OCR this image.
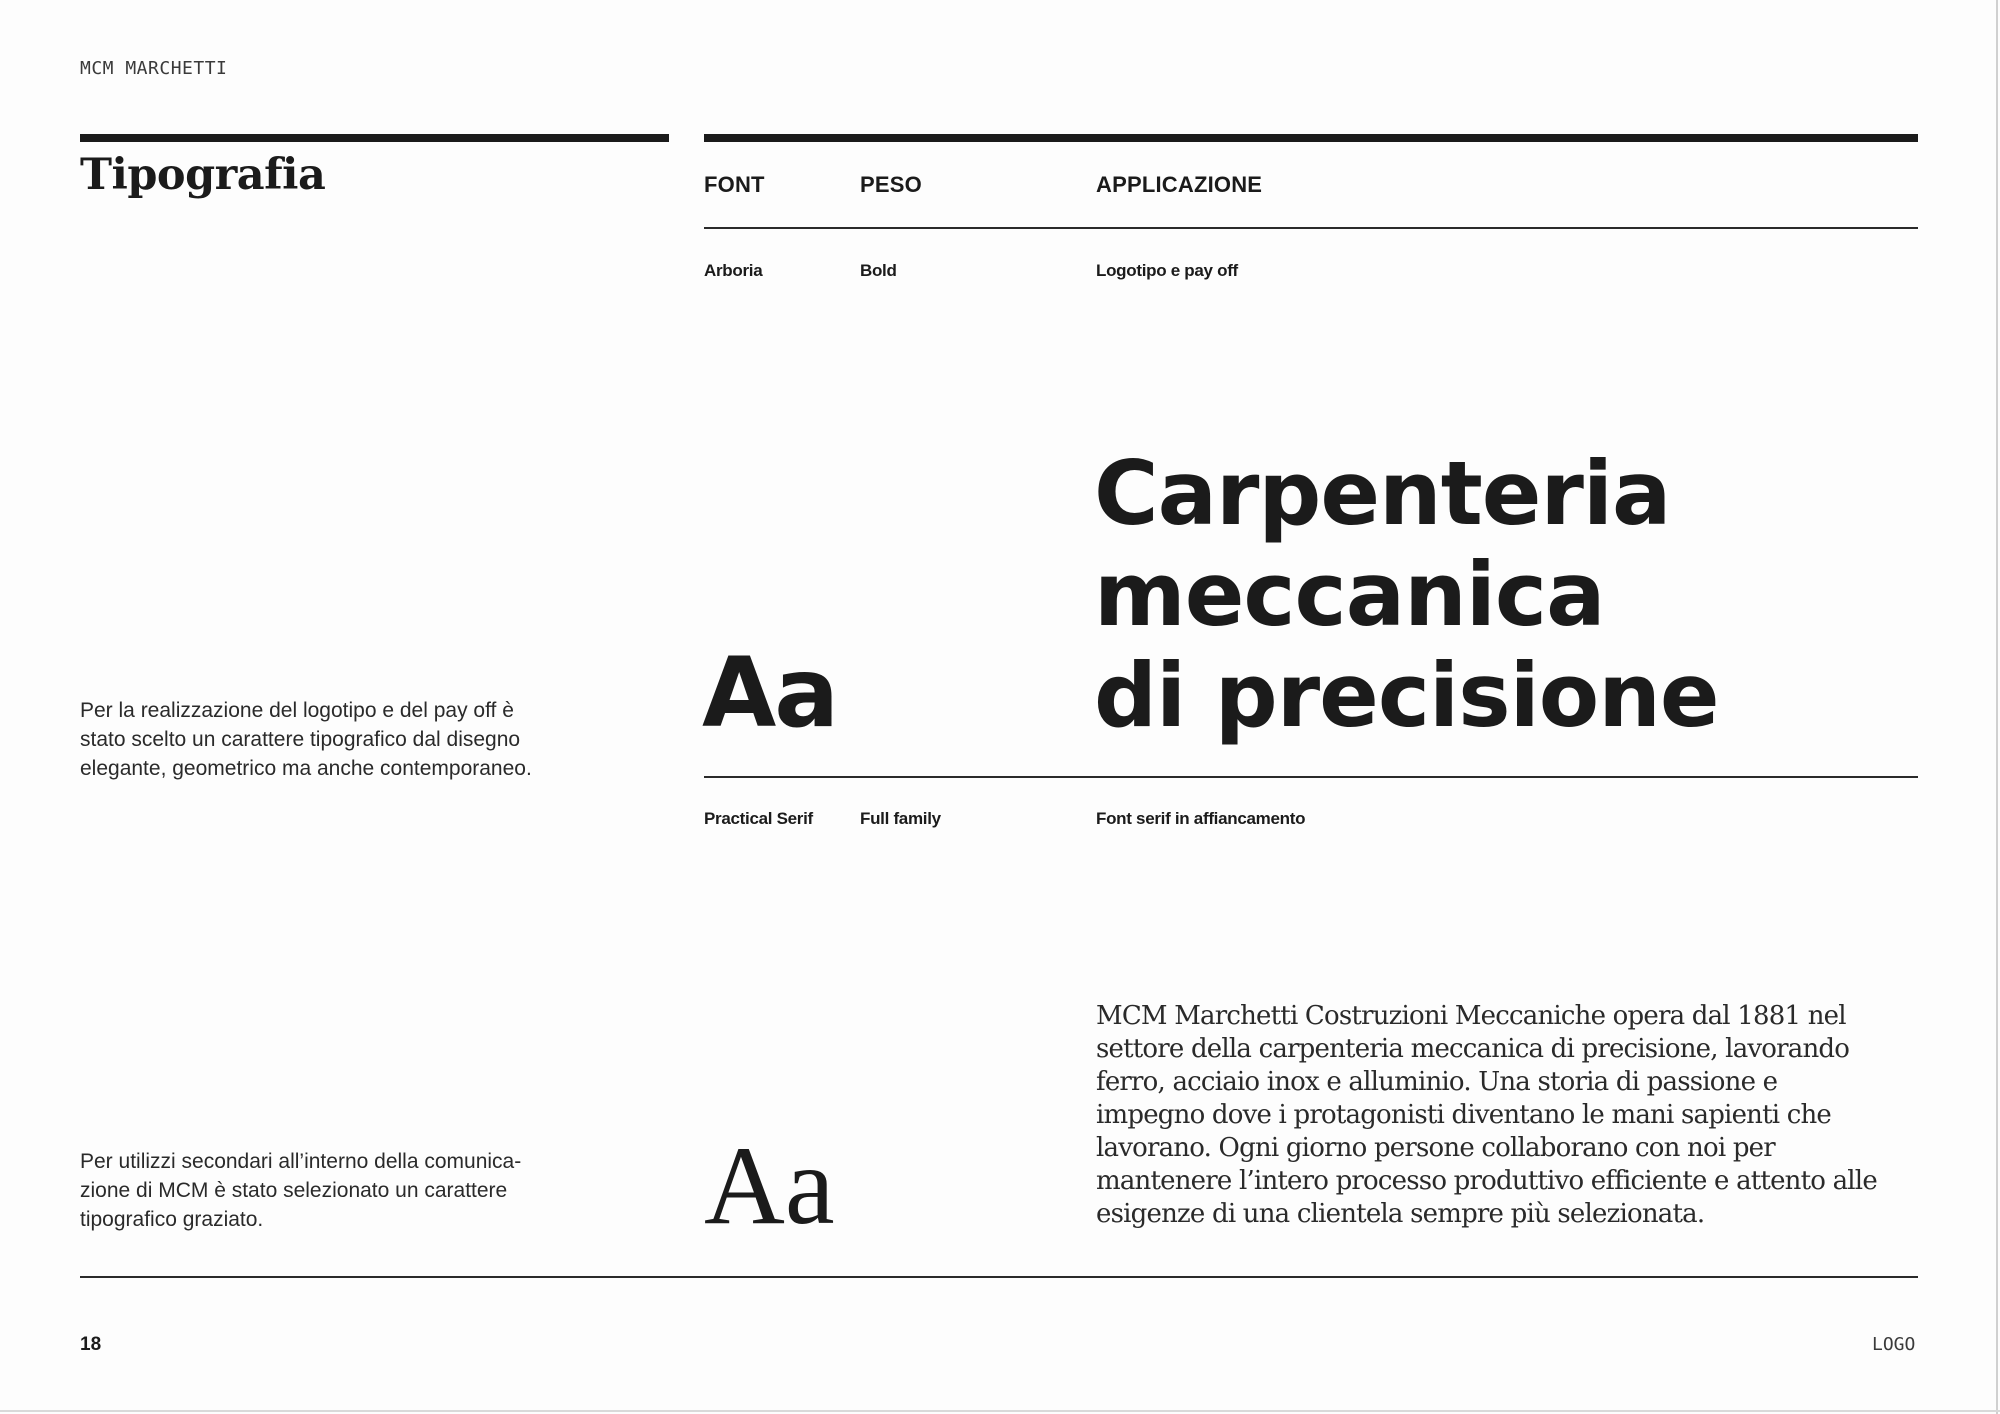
MCM MARCHETTI
Tipografia	FONT	PESO	APPLICAZIONE
Arboria	Bold	Logotipo e pay off
Carpenteria
meccanica
di precisione
Aa
Per la realizzazione del logotipo e del pay off è
stato scelto un carattere tipografico dal disegno
elegante, geometrico ma anche contemporaneo.
Practical Serif	Full family	Font serif in affiancamento
MCM Marchetti Costruzioni Meccaniche opera dal 1881 nel
settore della carpenteria meccanica di precisione, lavorando
ferro, acciaio inox e alluminio. Una storia di passione e
impegno dove i protagonisti diventano le mani sapienti che
lavorano. Ogni giorno persone collaborano con noi per
mantenere l’intero processo produttivo efficiente e attento alle
esigenze di una clientela sempre più selezionata.
Aa
Per utilizzi secondari all’interno della comunica-
zione di MCM è stato selezionato un carattere
tipografico graziato.
18	LOGO
